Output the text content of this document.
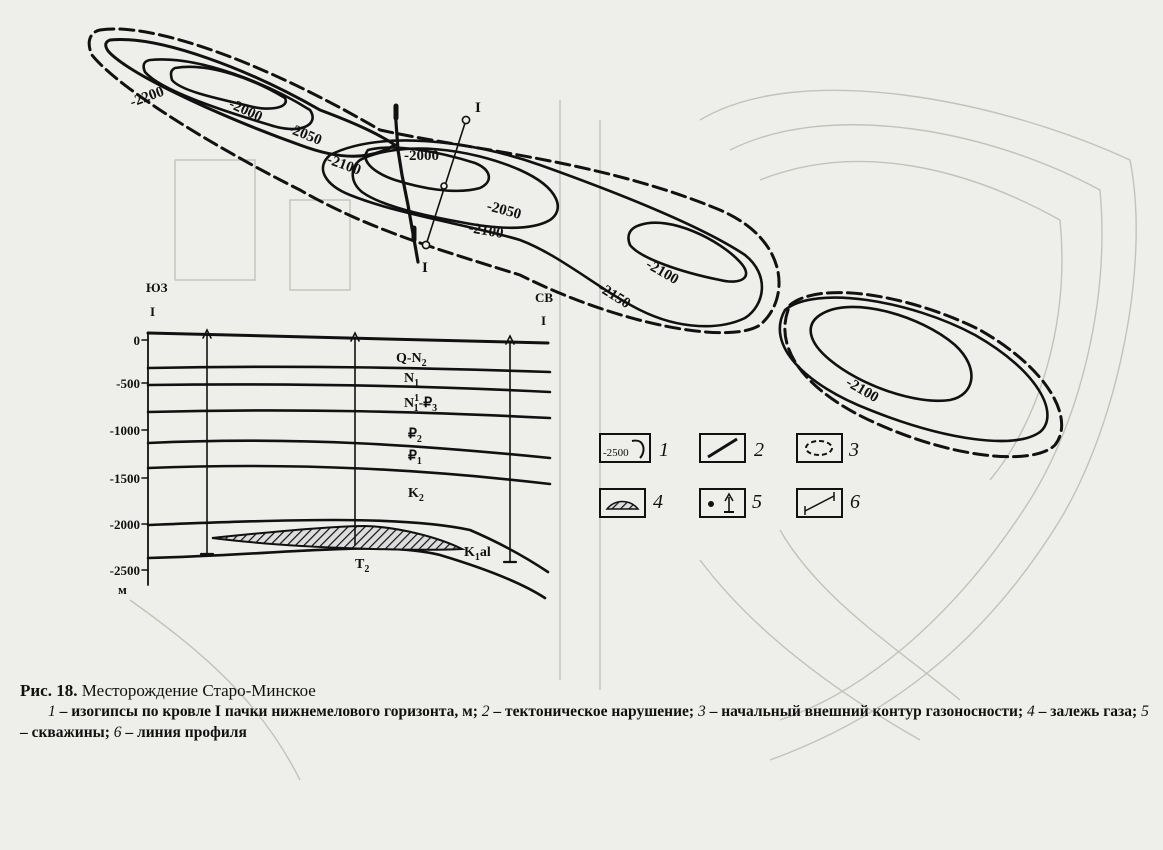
-2200	-2000
-2050
-2100	-2000
-2050
-2100
-2100
-2150
-2100
I
I
ЮЗ
I
СВ
I
0
-500
-1000
-1500
-2000
-2500
м
$Q-N_2$
$N_1$
$N^1$ $1-₽_3$
$₽_2$
$₽_1$
$K_2$
$T_2$
$K_1al$
-2500 1	2	3
4	5	6
Рис. 18. Месторождение Старо-Минское
1 – изогипсы по кровле I пачки нижнемелового горизонта, м; 2 – тектоническое нарушение; 3 – начальный внешний контур газоносности; 4 – залежь газа; 5 – скважины; 6 – линия профиля
